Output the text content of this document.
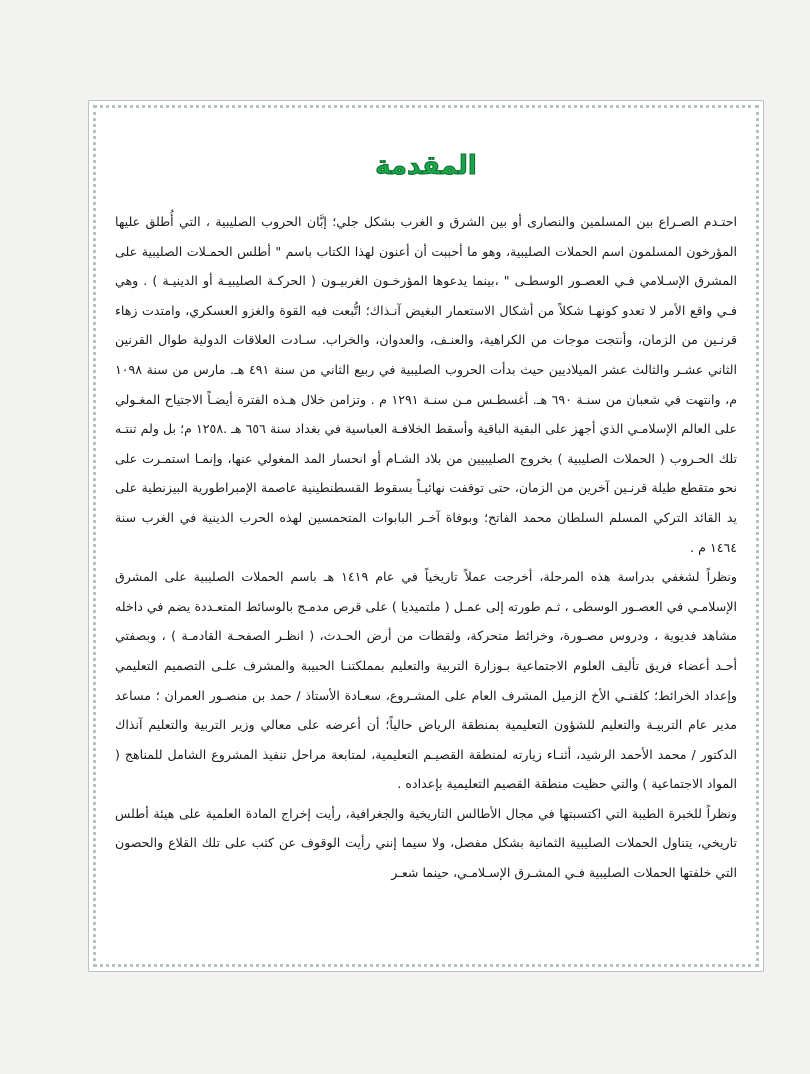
المقدمة

احتـدم الصـراع بين المسلمين والنصارى أو بين الشرق و الغرب بشكل جلي؛ إبَّان الحروب الصليبية ، التي أُطلق عليها المؤرخون المسلمون اسم الحملات الصليبية، وهو ما أحببت أن أعنون لهذا الكتاب باسم " أطلس الحمـلات الصليبية على المشرق الإسـلامي فـي العصـور الوسطـى " ،بينما يدعوها المؤرخـون الغربيـون ( الحركـة الصليبيـة أو الدينيـة ) . وهي فـي واقع الأمر لا تعدو كونهـا شكلاً من أشكال الاستعمار البغيض آنـذاك؛ اتُّبعت فيه القوة والغزو العسكري، وامتدت زهاء قرنـين من الزمان، وأنتجت موجات من الكراهية، والعنـف، والعدوان، والخراب. سـادت العلاقات الدولية طوال القرنين الثاني عشـر والثالث عشر الميلاديين حيث بدأت الحروب الصليبية في ربيع الثاني من سنة ٤٩١ هـ. مارس من سنة ١٠٩٨ م، وانتهت في شعبان من سنـة ٦٩٠ هـ. أغسطـس مـن سنـة ١٢٩١ م . وتزامن خلال هـذه الفترة أيضـاً الاجتياح المغـولي على العالم الإسلامـي الذي أجهز على البقية الباقية وأسقط الخلافـة العباسية في بغداد سنة ٦٥٦ هـ .١٢٥٨ م؛ بل ولم تنتـه تلك الحـروب ( الحملات الصليبية ) بخروج الصليبيين من بلاد الشـام أو انحسار المد المغولي عنها، وإنمـا استمـرت على نحو متقطع طيلة قرنـين آخرين من الزمان، حتى توقفت نهائيـاً بسقوط القسطنطينية عاصمة الإمبراطورية البيزنطية على يد القائد التركي المسلم السلطان محمد الفاتح؛ وبوفاة آخـر البابوات المتحمسين لهذه الحرب الدينية في الغرب سنة ١٤٦٤ م .

ونظراً لشغفي بدراسة هذه المرحلة، أخرجت عملاً تاريخياً في عام ١٤١٩ هـ باسم الحملات الصليبية على المشرق الإسلامـي في العصـور الوسطى ، ثـم طورته إلى عمـل ( ملتميديا ) على قرص مدمـج بالوسائط المتعـددة يضم في داخله مشاهد فديوية ، ودروس مصـورة، وخرائط متحركة، ولقطات من أرض الحـدث، ( انظـر الصفحـة القادمـة ) ، وبصفتي أحـد أعضاء فريق تأليف العلوم الاجتماعية بـوزارة التربية والتعليم بمملكتنـا الحبيبة والمشرف علـى التصميم التعليمي وإعداد الخرائط؛ كلفنـي الأخ الزميل المشرف العام على المشـروع، سعـادة الأستاذ / حمد بن منصـور العمران ؛ مساعد مدير عام التربيـة والتعليم للشؤون التعليمية بمنطقة الرياض حالياً؛ أن أعرضه على معالي وزير التربية والتعليم آنذاك الدكتور / محمد الأحمد الرشيد، أثنـاء زيارته لمنطقة القصيـم التعليمية، لمتابعة مراحل تنفيذ المشروع الشامل للمناهج ( المواد الاجتماعية ) والتي حظيت منطقة القصيم التعليمية بإعداده .

ونظراً للخبرة الطيبة التي اكتسبتها في مجال الأطالس التاريخية والجغرافية، رأيت إخراج المادة العلمية على هيئة أطلس تاريخي، يتناول الحملات الصليبية الثمانية بشكل مفصل، ولا سيما إنني رأيت الوقوف عن كثب على تلك القلاع والحصون التي خلفتها الحملات الصليبية فـي المشـرق الإسـلامـي، حينما شعـر
